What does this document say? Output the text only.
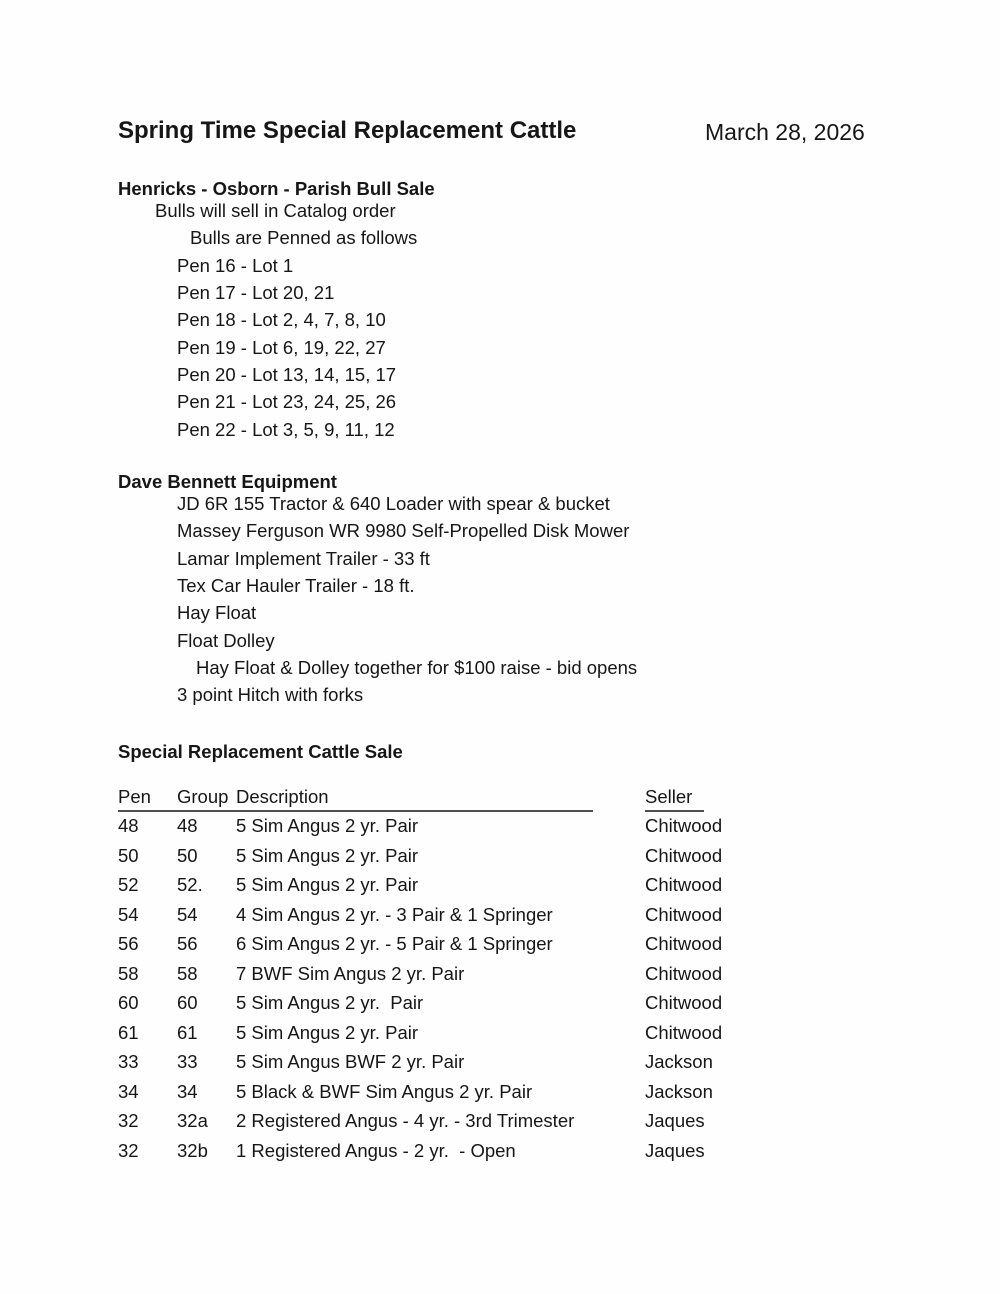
Spring Time Special Replacement Cattle	March 28, 2026
Henricks - Osborn - Parish Bull Sale
Bulls will sell in Catalog order
Bulls are Penned as follows
Pen 16 - Lot 1
Pen 17 - Lot 20, 21
Pen 18 - Lot 2, 4, 7, 8, 10
Pen 19 - Lot 6, 19, 22, 27
Pen 20 - Lot 13, 14, 15, 17
Pen 21 - Lot 23, 24, 25, 26
Pen 22 - Lot 3, 5, 9, 11, 12
Dave Bennett Equipment
JD 6R 155 Tractor & 640 Loader with spear & bucket
Massey Ferguson WR 9980 Self-Propelled Disk Mower
Lamar Implement Trailer - 33 ft
Tex Car Hauler Trailer - 18 ft.
Hay Float
Float Dolley
Hay Float & Dolley together for $100 raise - bid opens
3 point Hitch with forks
Special Replacement Cattle Sale
Pen Group Description	Seller
48 48 5 Sim Angus 2 yr. Pair	Chitwood
50 50 5 Sim Angus 2 yr. Pair	Chitwood
52 52. 5 Sim Angus 2 yr. Pair	Chitwood
54 54 4 Sim Angus 2 yr. - 3 Pair & 1 Springer	Chitwood
56 56 6 Sim Angus 2 yr. - 5 Pair & 1 Springer	Chitwood
58 58 7 BWF Sim Angus 2 yr. Pair	Chitwood
60 60 5 Sim Angus 2 yr.  Pair	Chitwood
61 61 5 Sim Angus 2 yr. Pair	Chitwood
33 33 5 Sim Angus BWF 2 yr. Pair	Jackson
34 34 5 Black & BWF Sim Angus 2 yr. Pair	Jackson
32 32a 2 Registered Angus - 4 yr. - 3rd Trimester	Jaques
32 32b 1 Registered Angus - 2 yr.  - Open	Jaques
